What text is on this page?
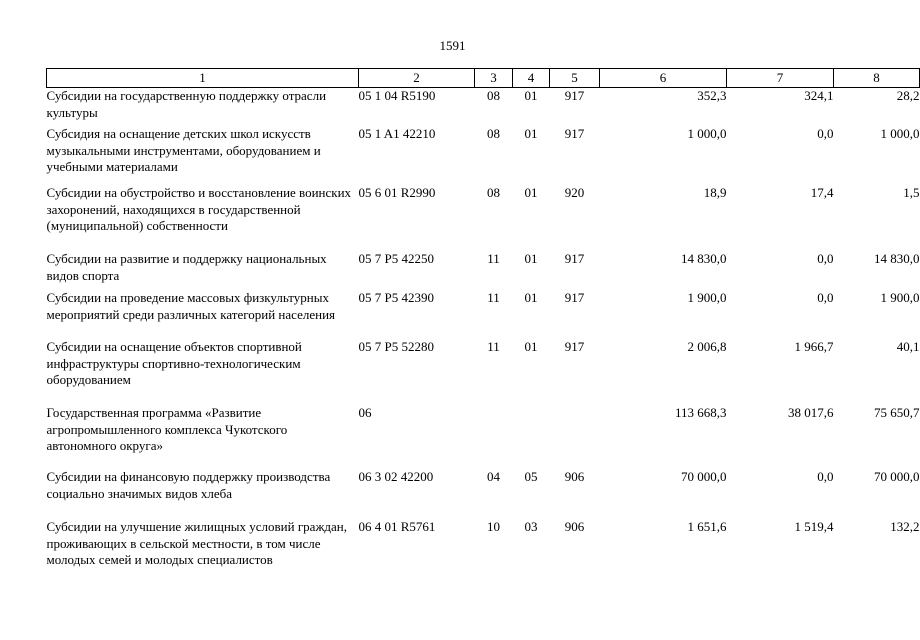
1591
1	2	3	4	5	6	7	8
Субсидии на государственную поддержку отрасли культуры	05 1 04 R5190	08	01	917	352,3	324,1	28,2
Субсидия на оснащение детских школ искусств музыкальными инструментами, оборудованием и учебными материалами	05 1 A1 42210	08	01	917	1 000,0	0,0	1 000,0
Субсидии на обустройство и восстановление воинских захоронений, находящихся в государственной (муниципальной) собственности	05 6 01 R2990	08	01	920	18,9	17,4	1,5
Субсидии на развитие и поддержку национальных видов спорта	05 7 P5 42250	11	01	917	14 830,0	0,0	14 830,0
Субсидии на проведение массовых физкультурных мероприятий среди различных категорий населения	05 7 P5 42390	11	01	917	1 900,0	0,0	1 900,0
Субсидии на оснащение объектов спортивной инфраструктуры спортивно-технологическим оборудованием	05 7 P5 52280	11	01	917	2 006,8	1 966,7	40,1
Государственная программа «Развитие агропромышленного комплекса Чукотского автономного округа»	06				113 668,3	38 017,6	75 650,7
Субсидии на финансовую поддержку производства социально значимых видов хлеба	06 3 02 42200	04	05	906	70 000,0	0,0	70 000,0
Субсидии на улучшение жилищных условий граждан, проживающих в сельской местности, в том числе молодых семей и молодых специалистов	06 4 01 R5761	10	03	906	1 651,6	1 519,4	132,2
